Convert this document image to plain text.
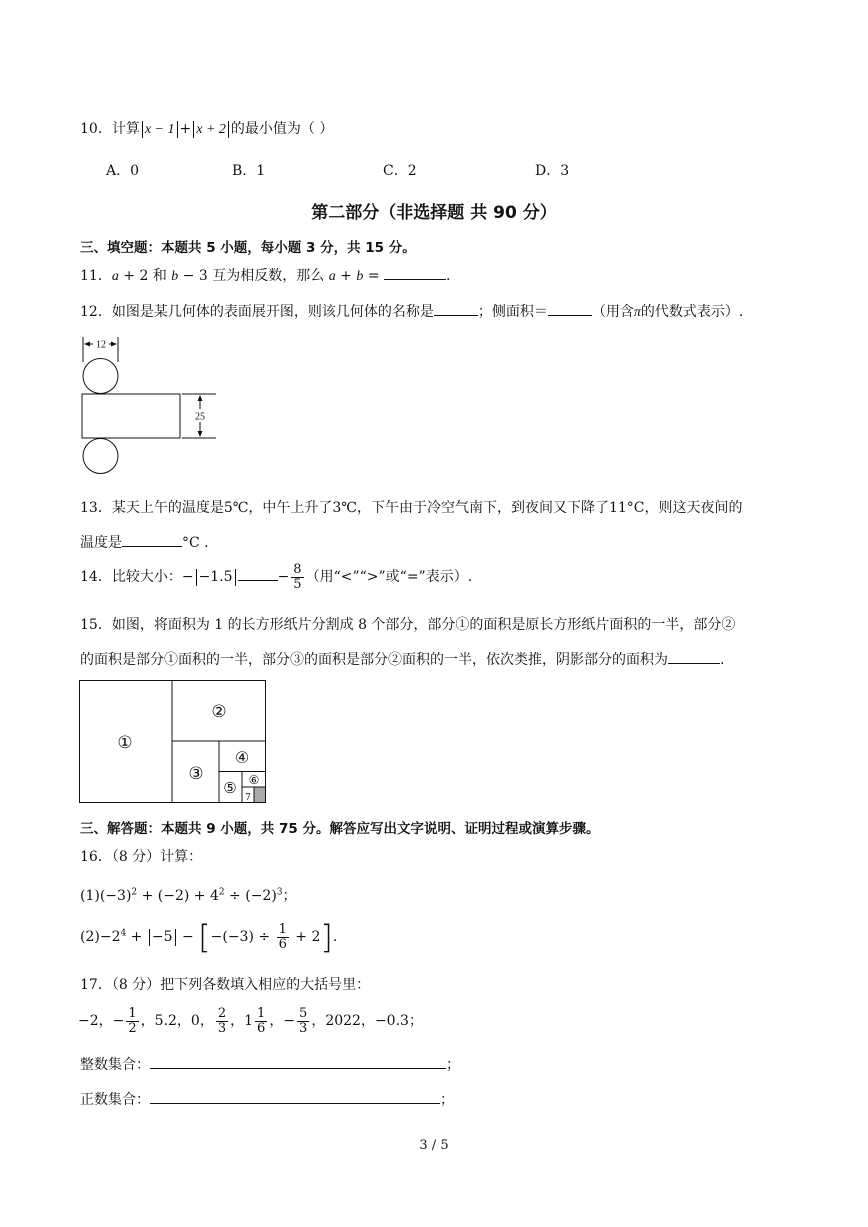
10．计算 x − 1 + x + 2 的最小值为（ ）
A．0	B．1	C．2	D．3
第二部分（非选择题 共 90 分）
三、填空题：本题共 5 小题，每小题 3 分，共 15 分。
11．a + 2 和 b − 3 互为相反数，那么 a + b =	.
12．如图是某几何体的表面展开图，则该几何体的名称是	；侧面积＝	（用含π的代数式表示）.
12
25
13．某天上午的温度是5℃，中午上升了3℃，下午由于冷空气南下，到夜间又下降了11°C，则这天夜间的
温度是	°C .
14．比较大小：− −1.5	− $\frac{8}{5}$ （用“<”“>”或“=”表示）.
15．如图，将面积为 1 的长方形纸片分割成 8 个部分，部分①的面积是原长方形纸片面积的一半，部分②
的面积是部分①面积的一半，部分③的面积是部分②面积的一半，依次类推，阴影部分的面积为	.
①
②
③
④
⑤ ⑥
7
三、解答题：本题共 9 小题，共 75 分。解答应写出文字说明、证明过程或演算步骤。
16．（8 分）计算：
$(1)(-3)^2 + (-2) + 4^2 \div (-2)^3$；
$(2)-2^4 + -5 - [-(-3) \div \frac{1}{6} + 2]$.
17．（8 分）把下列各数填入相应的大括号里：
−2，− $\frac{1}{2}$ ，5.2，0， $\frac{2}{3}$ ， $1 \frac{1}{6}$ ，− $\frac{5}{3}$ ，2022，−0.3；
整数集合：	；
正数集合：	；
3 / 5
